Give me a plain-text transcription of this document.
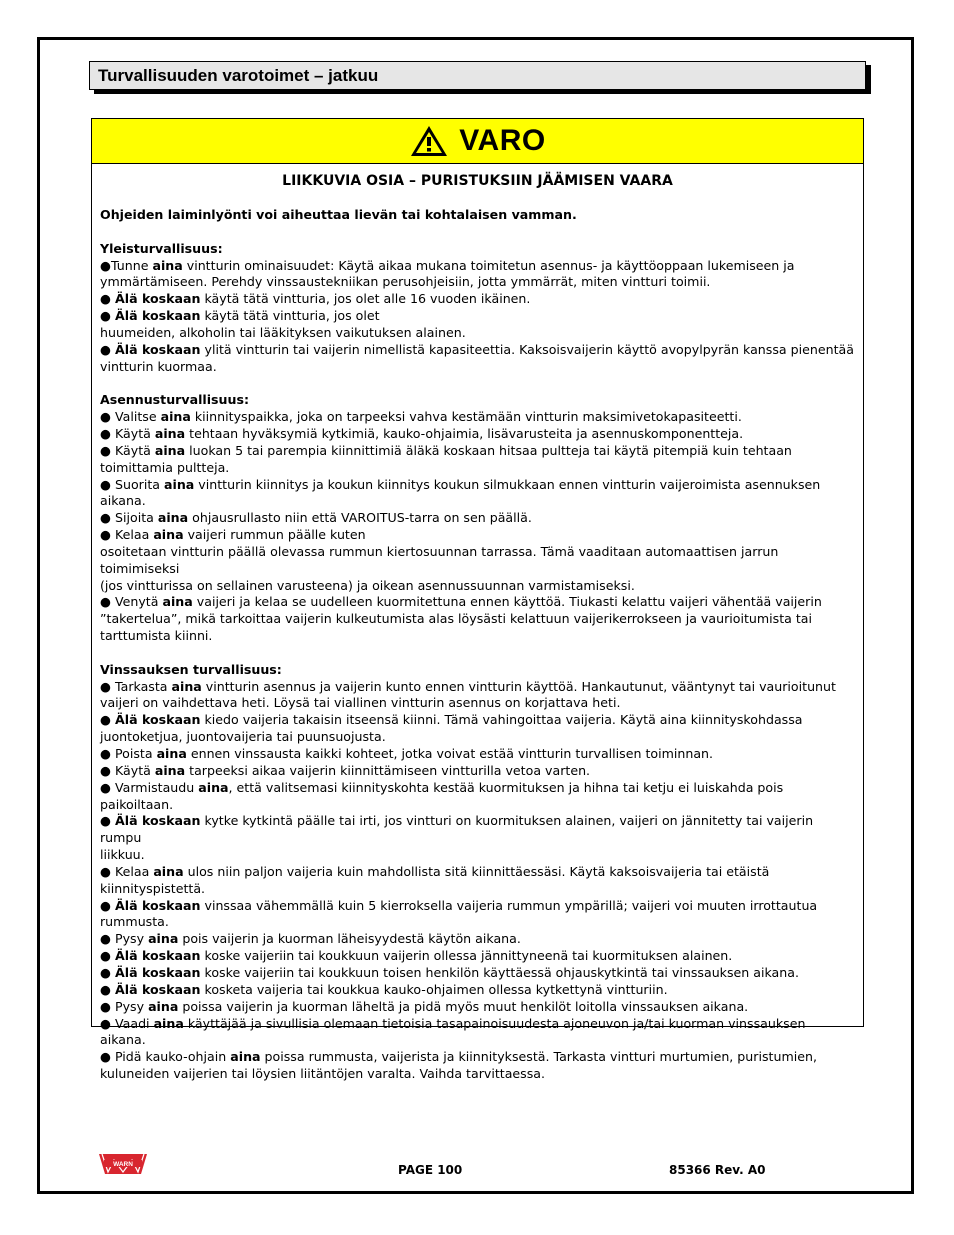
Turvallisuuden varotoimet – jatkuu
VARO
LIIKKUVIA OSIA – PURISTUKSIIN JÄÄMISEN VAARA
Ohjeiden laiminlyönti voi aiheuttaa lievän tai kohtalaisen vamman.
Yleisturvallisuus:
●Tunne aina vintturin ominaisuudet: Käytä aikaa mukana toimitetun asennus- ja käyttöoppaan lukemiseen ja
ymmärtämiseen. Perehdy vinssaustekniikan perusohjeisiin, jotta ymmärrät, miten vintturi toimii.
● Älä koskaan käytä tätä vintturia, jos olet alle 16 vuoden ikäinen.
● Älä koskaan käytä tätä vintturia, jos olet
huumeiden, alkoholin tai lääkityksen vaikutuksen alainen.
● Älä koskaan ylitä vintturin tai vaijerin nimellistä kapasiteettia. Kaksoisvaijerin käyttö avopylpyrän kanssa pienentää
vintturin kuormaa.
Asennusturvallisuus:
● Valitse aina kiinnityspaikka, joka on tarpeeksi vahva kestämään vintturin maksimivetokapasiteetti.
● Käytä aina tehtaan hyväksymiä kytkimiä, kauko-ohjaimia, lisävarusteita ja asennuskomponentteja.
● Käytä aina luokan 5 tai parempia kiinnittimiä äläkä koskaan hitsaa pultteja tai käytä pitempiä kuin tehtaan
toimittamia pultteja.
● Suorita aina vintturin kiinnitys ja koukun kiinnitys koukun silmukkaan ennen vintturin vaijeroimista asennuksen
aikana.
● Sijoita aina ohjausrullasto niin että VAROITUS-tarra on sen päällä.
● Kelaa aina vaijeri rummun päälle kuten
osoitetaan vintturin päällä olevassa rummun kiertosuunnan tarrassa. Tämä vaaditaan automaattisen jarrun toimimiseksi
(jos vintturissa on sellainen varusteena) ja oikean asennussuunnan varmistamiseksi.
● Venytä aina vaijeri ja kelaa se uudelleen kuormitettuna ennen käyttöä. Tiukasti kelattu vaijeri vähentää vaijerin
”takertelua”, mikä tarkoittaa vaijerin kulkeutumista alas löysästi kelattuun vaijerikerrokseen ja vaurioitumista tai
tarttumista kiinni.
Vinssauksen turvallisuus:
● Tarkasta aina vintturin asennus ja vaijerin kunto ennen vintturin käyttöä. Hankautunut, vääntynyt tai vaurioitunut
vaijeri on vaihdettava heti. Löysä tai viallinen vintturin asennus on korjattava heti.
● Älä koskaan kiedo vaijeria takaisin itseensä kiinni. Tämä vahingoittaa vaijeria. Käytä aina kiinnityskohdassa
juontoketjua, juontovaijeria tai puunsuojusta.
● Poista aina ennen vinssausta kaikki kohteet, jotka voivat estää vintturin turvallisen toiminnan.
● Käytä aina tarpeeksi aikaa vaijerin kiinnittämiseen vintturilla vetoa varten.
● Varmistaudu aina, että valitsemasi kiinnityskohta kestää kuormituksen ja hihna tai ketju ei luiskahda pois paikoiltaan.
● Älä koskaan kytke kytkintä päälle tai irti, jos vintturi on kuormituksen alainen, vaijeri on jännitetty tai vaijerin rumpu
liikkuu.
● Kelaa aina ulos niin paljon vaijeria kuin mahdollista sitä kiinnittäessäsi. Käytä kaksoisvaijeria tai etäistä
kiinnityspistettä.
● Älä koskaan vinssaa vähemmällä kuin 5 kierroksella vaijeria rummun ympärillä; vaijeri voi muuten irrottautua
rummusta.
● Pysy aina pois vaijerin ja kuorman läheisyydestä käytön aikana.
● Älä koskaan koske vaijeriin tai koukkuun vaijerin ollessa jännittyneenä tai kuormituksen alainen.
● Älä koskaan koske vaijeriin tai koukkuun toisen henkilön käyttäessä ohjauskytkintä tai vinssauksen aikana.
● Älä koskaan kosketa vaijeria tai koukkua kauko-ohjaimen ollessa kytkettynä vintturiin.
● Pysy aina poissa vaijerin ja kuorman läheltä ja pidä myös muut henkilöt loitolla vinssauksen aikana.
● Vaadi aina käyttäjää ja sivullisia olemaan tietoisia tasapainoisuudesta ajoneuvon ja/tai kuorman vinssauksen aikana.
● Pidä kauko-ohjain aina poissa rummusta, vaijerista ja kiinnityksestä. Tarkasta vintturi murtumien, puristumien,
kuluneiden vaijerien tai löysien liitäntöjen varalta. Vaihda tarvittaessa.
WARN	PAGE 100	85366 Rev. A0
